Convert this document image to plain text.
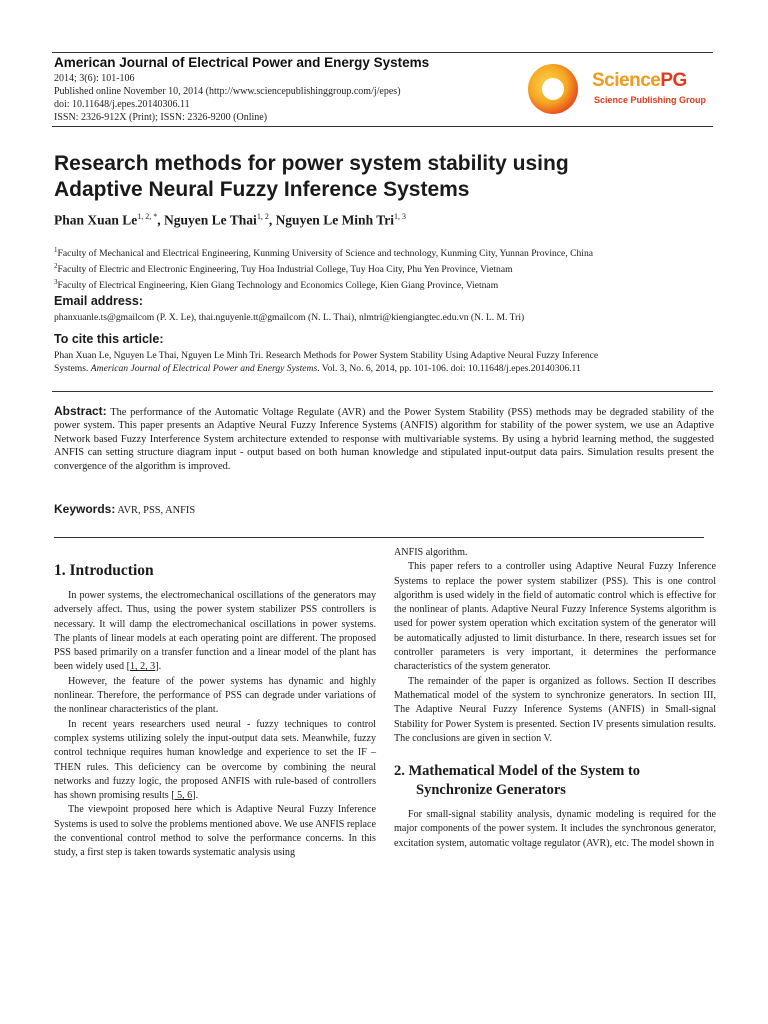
American Journal of Electrical Power and Energy Systems
2014; 3(6): 101-106
Published online November 10, 2014 (http://www.sciencepublishinggroup.com/j/epes)
doi: 10.11648/j.epes.20140306.11
ISSN: 2326-912X (Print); ISSN: 2326-9200 (Online)
SciencePG
Science Publishing Group
Research methods for power system stability using
Adaptive Neural Fuzzy Inference Systems
Phan Xuan $Le^{1, 2, *}$, Nguyen Le Thai$^{1, 2}$, Nguyen Le Minh Tri$^{1, 3}$
$^1$Faculty of Mechanical and Electrical Engineering, Kunming University of Science and technology, Kunming City, Yunnan Province, China
$^2$Faculty of Electric and Electronic Engineering, Tuy Hoa Industrial College, Tuy Hoa City, Phu Yen Province, Vietnam
$^3$Faculty of Electrical Engineering, Kien Giang Technology and Economics College, Kien Giang Province, Vietnam
Email address:
phanxuanle.ts@gmailcom (P. X. Le), thai.nguyenle.tt@gmailcom (N. L. Thai), nlmtri@kiengiangtec.edu.vn (N. L. M. Tri)
To cite this article:
Phan Xuan Le, Nguyen Le Thai, Nguyen Le Minh Tri. Research Methods for Power System Stability Using Adaptive Neural Fuzzy Inference
Systems. American Journal of Electrical Power and Energy Systems. Vol. 3, No. 6, 2014, pp. 101-106. doi: 10.11648/j.epes.20140306.11
Abstract: The performance of the Automatic Voltage Regulate (AVR) and the Power System Stability (PSS) methods may be degraded stability of the power system. This paper presents an Adaptive Neural Fuzzy Inference Systems (ANFIS) algorithm for stability of the power system, we use an Adaptive Network based Fuzzy Interference System architecture extended to response with multivariable systems. By using a hybrid learning method, the suggested ANFIS can setting structure diagram input - output based on both human knowledge and stipulated input-output data pairs. Simulation results present the convergence of the algorithm is improved.
Keywords: AVR, PSS, ANFIS
1. Introduction

In power systems, the electromechanical oscillations of the generators may adversely affect. Thus, using the power system stabilizer PSS controllers is necessary. It will damp the electromechanical oscillations in power systems. The plants of linear models at each operating point are different. The proposed PSS based primarily on a transfer function and a linear model of the plant has been widely used [1, 2, 3].

However, the feature of the power systems has dynamic and highly nonlinear. Therefore, the performance of PSS can degrade under variations of the nonlinear characteristics of the plant.

In recent years researchers used neural - fuzzy techniques to control complex systems utilizing solely the input-output data sets. Meanwhile, fuzzy control technique requires human knowledge and experience to set the IF – THEN rules. This deficiency can be overcome by combining the neural networks and fuzzy logic, the proposed ANFIS with rule-based of controllers has shown promising results [ 5, 6].

The viewpoint proposed here which is Adaptive Neural Fuzzy Inference Systems is used to solve the problems mentioned above. We use ANFIS replace the conventional control method to solve the performance concerns. In this study, a first step is taken towards systematic analysis using

ANFIS algorithm.

This paper refers to a controller using Adaptive Neural Fuzzy Inference Systems to replace the power system stabilizer (PSS). This is one control algorithm is used widely in the field of automatic control which is effective for the nonlinear of plants. Adaptive Neural Fuzzy Inference Systems algorithm is used for power system operation which excitation system of the generator will be automatically adjusted to limit disturbance. In there, research issues set for controller parameters is very important, it determines the performance characteristics of the system generator.

The remainder of the paper is organized as follows. Section II describes Mathematical model of the system to synchronize generators. In section III, The Adaptive Neural Fuzzy Inference Systems (ANFIS) in Small-signal Stability for Power System is presented. Section IV presents simulation results. The conclusions are given in section V.

2. Mathematical Model of the System to
Synchronize Generators

For small-signal stability analysis, dynamic modeling is required for the major components of the power system. It includes the synchronous generator, excitation system, automatic voltage regulator (AVR), etc. The model shown in
